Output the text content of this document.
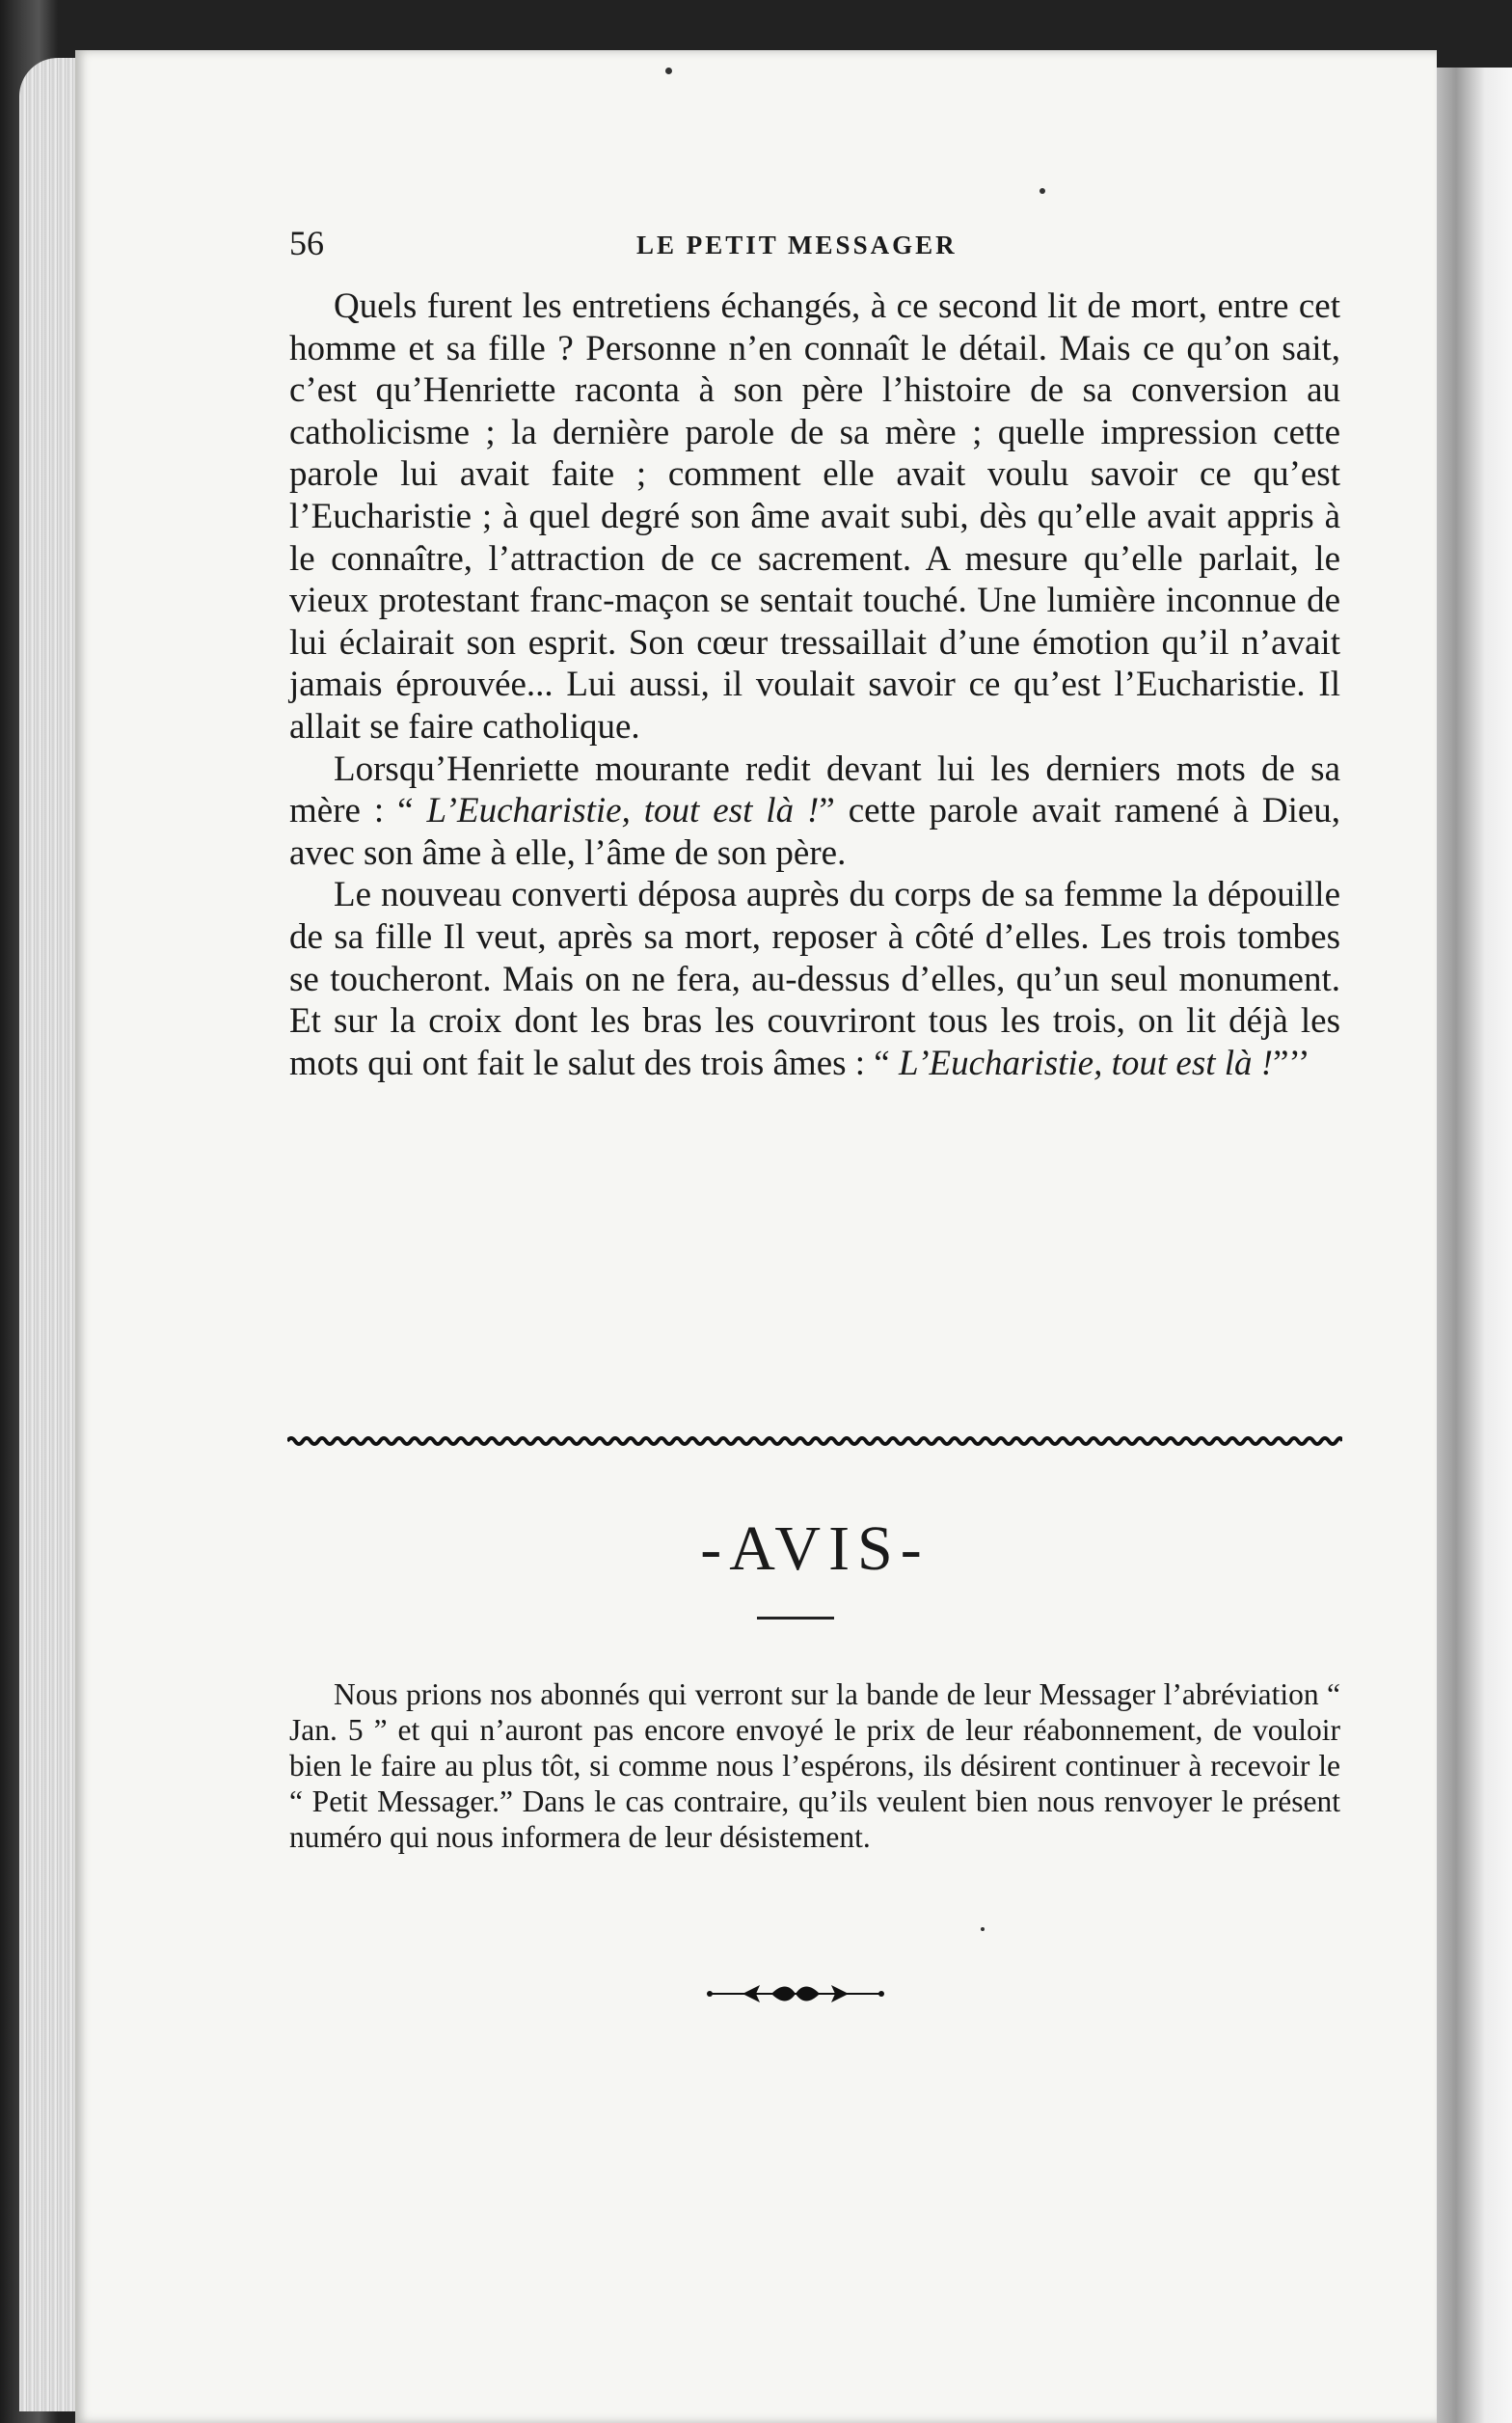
56	LE PETIT MESSAGER

Quels furent les entretiens échangés, à ce second lit de mort, entre cet homme et sa fille ? Personne n’en connaît le détail. Mais ce qu’on sait, c’est qu’Henriette raconta à son père l’histoire de sa conversion au catholicisme ; la dernière parole de sa mère ; quelle impression cette parole lui avait faite ; comment elle avait voulu savoir ce qu’est l’Eucharistie ; à quel degré son âme avait subi, dès qu’elle avait appris à le connaître, l’attraction de ce sacrement. A mesure qu’elle parlait, le vieux protestant franc-maçon se sentait touché. Une lumière inconnue de lui éclairait son esprit. Son cœur tressaillait d’une émotion qu’il n’avait jamais éprouvée... Lui aussi, il voulait savoir ce qu’est l’Eucharistie. Il allait se faire catholique.

Lorsqu’Henriette mourante redit devant lui les derniers mots de sa mère : “ L’Eucharistie, tout est là !” cette parole avait ramené à Dieu, avec son âme à elle, l’âme de son père.

Le nouveau converti déposa auprès du corps de sa femme la dépouille de sa fille Il veut, après sa mort, reposer à côté d’elles. Les trois tombes se toucheront. Mais on ne fera, au-dessus d’elles, qu’un seul monument. Et sur la croix dont les bras les couvriront tous les trois, on lit déjà les mots qui ont fait le salut des trois âmes : “ L’Eucharistie, tout est là !”’’

-AVIS-

Nous prions nos abonnés qui verront sur la bande de leur Messager l’abréviation “ Jan. 5 ” et qui n’auront pas encore envoyé le prix de leur réabonnement, de vouloir bien le faire au plus tôt, si comme nous l’espérons, ils désirent continuer à recevoir le “ Petit Messager.” Dans le cas contraire, qu’ils veulent bien nous renvoyer le présent numéro qui nous informera de leur désistement.
